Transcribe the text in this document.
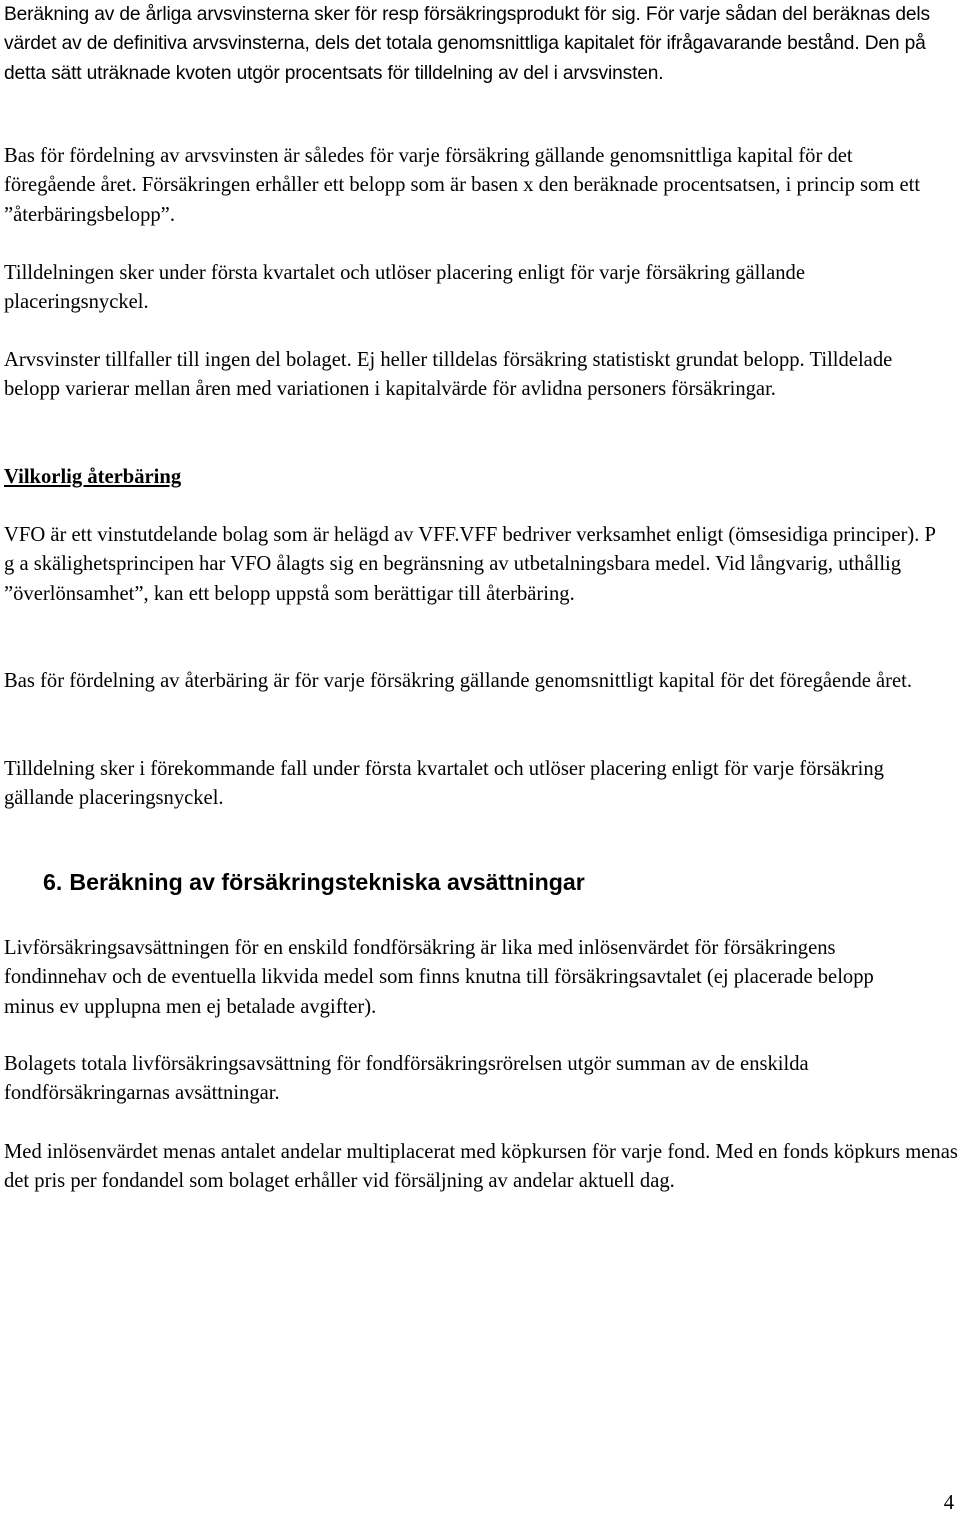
Beräkning av de årliga arvsvinsterna sker för resp försäkringsprodukt för sig. För varje sådan del beräknas dels värdet av de definitiva arvsvinsterna, dels det totala genomsnittliga kapitalet för ifrågavarande bestånd. Den på detta sätt uträknade kvoten utgör procentsats för tilldelning av del i arvsvinsten.

Bas för fördelning av arvsvinsten är således för varje försäkring gällande genomsnittliga kapital för det föregående året. Försäkringen erhåller ett belopp som är basen x den beräknade procentsatsen, i princip som ett ”återbäringsbelopp”.

Tilldelningen sker under första kvartalet och utlöser placering enligt för varje försäkring gällande placeringsnyckel.

Arvsvinster tillfaller till ingen del bolaget. Ej heller tilldelas försäkring statistiskt grundat belopp. Tilldelade belopp varierar mellan åren med variationen i kapitalvärde för avlidna personers försäkringar.

Vilkorlig återbäring

VFO är ett vinstutdelande bolag som är helägd av VFF.VFF bedriver verksamhet enligt (ömsesidiga principer). P g a skälighetsprincipen har VFO ålagts sig en begränsning av utbetalningsbara medel. Vid långvarig, uthållig ”överlönsamhet”, kan ett belopp uppstå som berättigar till återbäring.

Bas för fördelning av återbäring är för varje försäkring gällande genomsnittligt kapital för det föregående året.

Tilldelning sker i förekommande fall under första kvartalet och utlöser placering enligt för varje försäkring gällande placeringsnyckel.

6. Beräkning av försäkringstekniska avsättningar

Livförsäkringsavsättningen för en enskild fondförsäkring är lika med inlösenvärdet för försäkringens fondinnehav och de eventuella likvida medel som finns knutna till försäkringsavtalet (ej placerade belopp minus ev upplupna men ej betalade avgifter).

Bolagets totala livförsäkringsavsättning för fondförsäkringsrörelsen utgör summan av de enskilda fondförsäkringarnas avsättningar.

Med inlösenvärdet menas antalet andelar multiplacerat med köpkursen för varje fond. Med en fonds köpkurs menas det pris per fondandel som bolaget erhåller vid försäljning av andelar aktuell dag.

4
